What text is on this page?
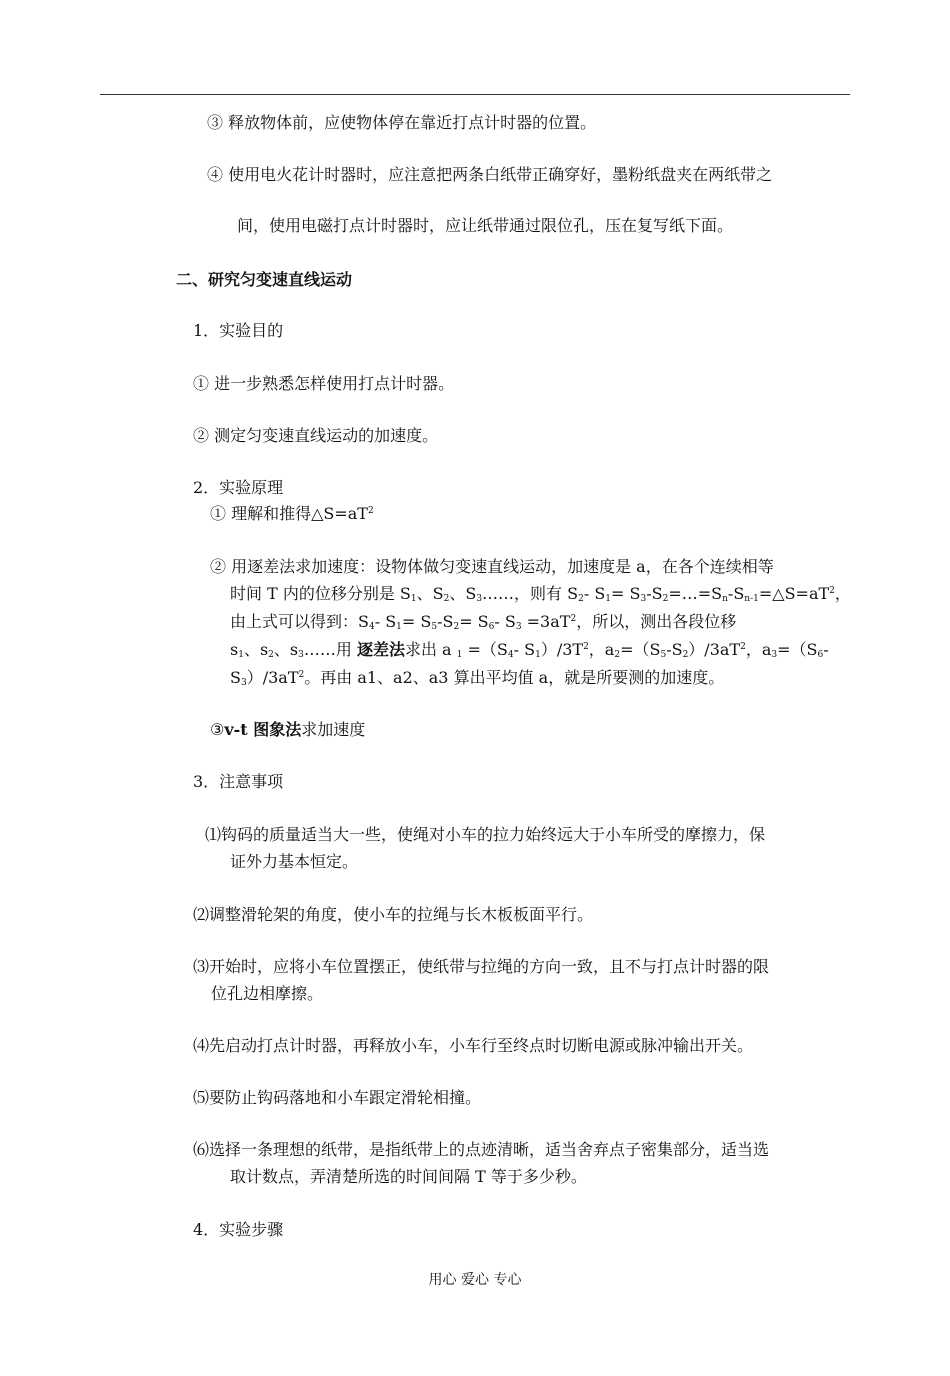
③ 释放物体前，应使物体停在靠近打点计时器的位置。
④ 使用电火花计时器时，应注意把两条白纸带正确穿好，墨粉纸盘夹在两纸带之
间，使用电磁打点计时器时，应让纸带通过限位孔，压在复写纸下面。
二、研究匀变速直线运动
1．实验目的
① 进一步熟悉怎样使用打点计时器。
② 测定匀变速直线运动的加速度。
2．实验原理
① 理解和推得$\triangle S=aT^2$
② 用逐差法求加速度：设物体做匀变速直线运动，加速度是 a，在各个连续相等
时间 T 内的位移分别是 $S_1$、$S_2$、$S_3\dots\dots$，则有 $S_2-$ $S_1=$ $S_3-S_2=\dots=S_n-S_{n-1}=\triangle S=aT^2$，
由上式可以得到：$S_4-$ $S_1= S_5-S_2= S_6-$ $S_3 =3aT^2$，所以，测出各段位移
$s_1$、$s_2$、$s_3\dots\dots$用 逐差法求出 a $_1 =(S_4-$ $S_1)/3T^2$，$a_2=(S_5-S_2)/3aT^2$，$a_3=(S_6-$
$S_3)/3aT^2$。再由 a1、a2、a3 算出平均值 a，就是所要测的加速度。
③v-t 图象法求加速度
3．注意事项
⑴钩码的质量适当大一些，使绳对小车的拉力始终远大于小车所受的摩擦力，保
证外力基本恒定。
⑵调整滑轮架的角度，使小车的拉绳与长木板板面平行。
⑶开始时，应将小车位置摆正，使纸带与拉绳的方向一致，且不与打点计时器的限
位孔边相摩擦。
⑷先启动打点计时器，再释放小车，小车行至终点时切断电源或脉冲输出开关。
⑸要防止钩码落地和小车跟定滑轮相撞。
⑹选择一条理想的纸带，是指纸带上的点迹清晰，适当舍弃点子密集部分，适当选
取计数点，弄清楚所选的时间间隔 T 等于多少秒。
4．实验步骤
用心 爱心 专心
